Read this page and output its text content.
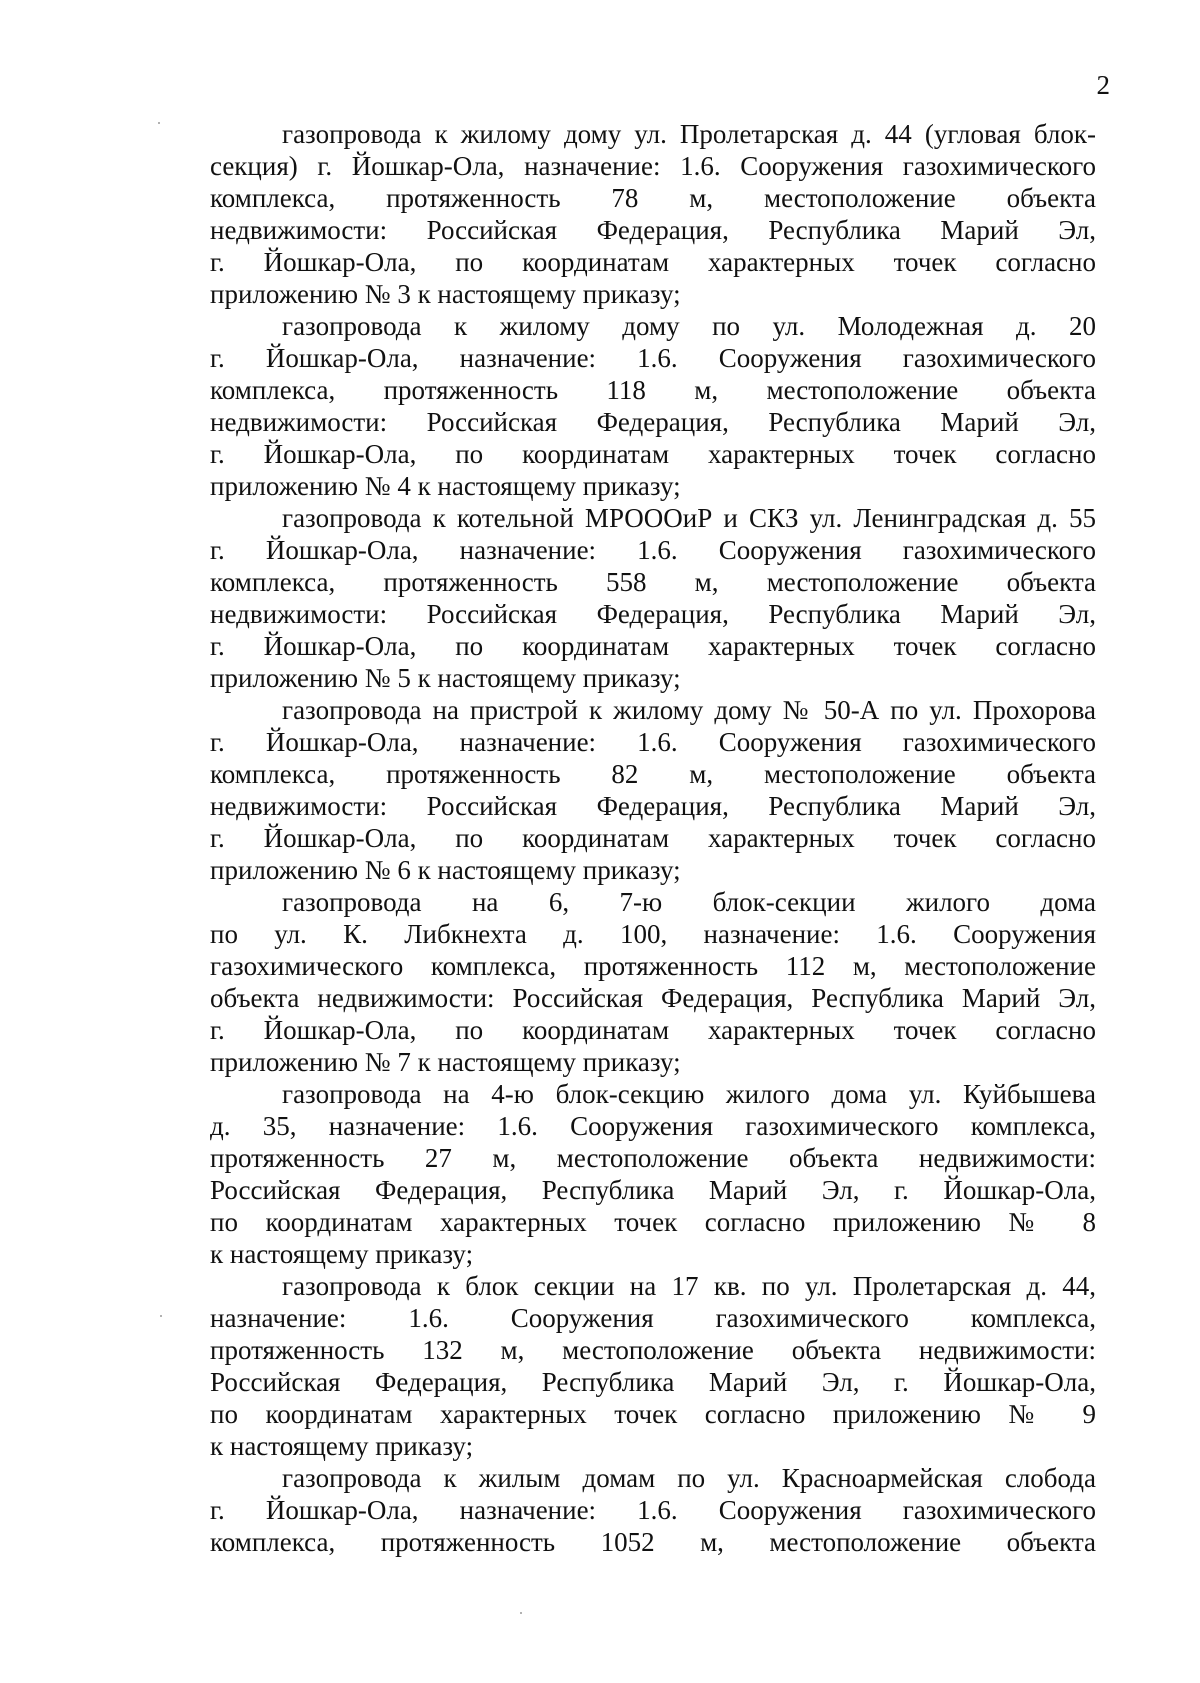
2
газопровода к жилому дому ул. Пролетарская д. 44 (угловая блок-
секция) г. Йошкар-Ола, назначение: 1.6. Сооружения газохимического
комплекса, протяженность 78 м, местоположение объекта
недвижимости: Российская Федерация, Республика Марий Эл,
г. Йошкар-Ола, по координатам характерных точек согласно
приложению № 3 к настоящему приказу;
газопровода к жилому дому по ул. Молодежная д. 20
г. Йошкар-Ола, назначение: 1.6. Сооружения газохимического
комплекса, протяженность 118 м, местоположение объекта
недвижимости: Российская Федерация, Республика Марий Эл,
г. Йошкар-Ола, по координатам характерных точек согласно
приложению № 4 к настоящему приказу;
газопровода к котельной МРОООиР и СКЗ ул. Ленинградская д. 55
г. Йошкар-Ола, назначение: 1.6. Сооружения газохимического
комплекса, протяженность 558 м, местоположение объекта
недвижимости: Российская Федерация, Республика Марий Эл,
г. Йошкар-Ола, по координатам характерных точек согласно
приложению № 5 к настоящему приказу;
газопровода на пристрой к жилому дому № 50-А по ул. Прохорова
г. Йошкар-Ола, назначение: 1.6. Сооружения газохимического
комплекса, протяженность 82 м, местоположение объекта
недвижимости: Российская Федерация, Республика Марий Эл,
г. Йошкар-Ола, по координатам характерных точек согласно
приложению № 6 к настоящему приказу;
газопровода на 6, 7-ю блок-секции жилого дома
по ул. К. Либкнехта д. 100, назначение: 1.6. Сооружения
газохимического комплекса, протяженность 112 м, местоположение
объекта недвижимости: Российская Федерация, Республика Марий Эл,
г. Йошкар-Ола, по координатам характерных точек согласно
приложению № 7 к настоящему приказу;
газопровода на 4-ю блок-секцию жилого дома ул. Куйбышева
д. 35, назначение: 1.6. Сооружения газохимического комплекса,
протяженность 27 м, местоположение объекта недвижимости:
Российская Федерация, Республика Марий Эл, г. Йошкар-Ола,
по координатам характерных точек согласно приложению № 8
к настоящему приказу;
газопровода к блок секции на 17 кв. по ул. Пролетарская д. 44,
назначение: 1.6. Сооружения газохимического комплекса,
протяженность 132 м, местоположение объекта недвижимости:
Российская Федерация, Республика Марий Эл, г. Йошкар-Ола,
по координатам характерных точек согласно приложению № 9
к настоящему приказу;
газопровода к жилым домам по ул. Красноармейская слобода
г. Йошкар-Ола, назначение: 1.6. Сооружения газохимического
комплекса, протяженность 1052 м, местоположение объекта
